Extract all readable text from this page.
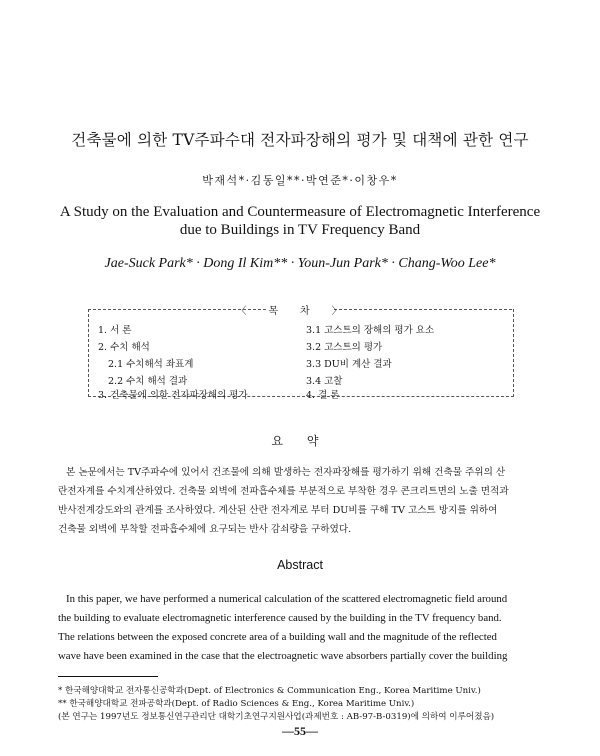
건축물에 의한 TV주파수대 전자파장해의 평가 및 대책에 관한 연구
박재석*·김동일**·박연준*·이창우*
A Study on the Evaluation and Countermeasure of Electromagnetic Interference
due to Buildings in TV Frequency Band
Jae-Suck Park* · Dong Il Kim** · Youn-Jun Park* · Chang-Woo Lee*
〈목차〉
1. 서 론
2. 수치 해석
2.1 수치해석 좌표계
2.2 수치 해석 결과
3. 건축물에 의한 전자파장해의 평가
3.1 고스트의 장해의 평가 요소
3.2 고스트의 평가
3.3 DU비 계산 결과
3.4 고찰
4. 결 론
요 약
본 논문에서는 TV주파수에 있어서 건조물에 의해 발생하는 전자파장해를 평가하기 위해 건축물 주위의 산
란전자계를 수치계산하였다. 건축물 외벽에 전파흡수체를 부분적으로 부착한 경우 콘크리트면의 노출 면적과
반사전계강도와의 관계를 조사하였다. 계산된 산란 전자계로 부터 DU비를 구해 TV 고스트 방지를 위하여
건축물 외벽에 부착할 전파흡수체에 요구되는 반사 감쇠량을 구하였다.
Abstract
In this paper, we have performed a numerical calculation of the scattered electromagnetic field around
the building to evaluate electromagnetic interference caused by the building in the TV frequency band.
The relations between the exposed concrete area of a building wall and the magnitude of the reflected
wave have been examined in the case that the electroagnetic wave absorbers partially cover the building
* 한국해양대학교 전자통신공학과(Dept. of Electronics & Communication Eng., Korea Maritime Univ.)
** 한국해양대학교 전파공학과(Dept. of Radio Sciences & Eng., Korea Maritime Univ.)
(본 연구는 1997년도 정보통신연구관리단 대학기초연구지원사업(과제번호 : AB-97-B-0319)에 의하여 이루어졌음)
—55—
